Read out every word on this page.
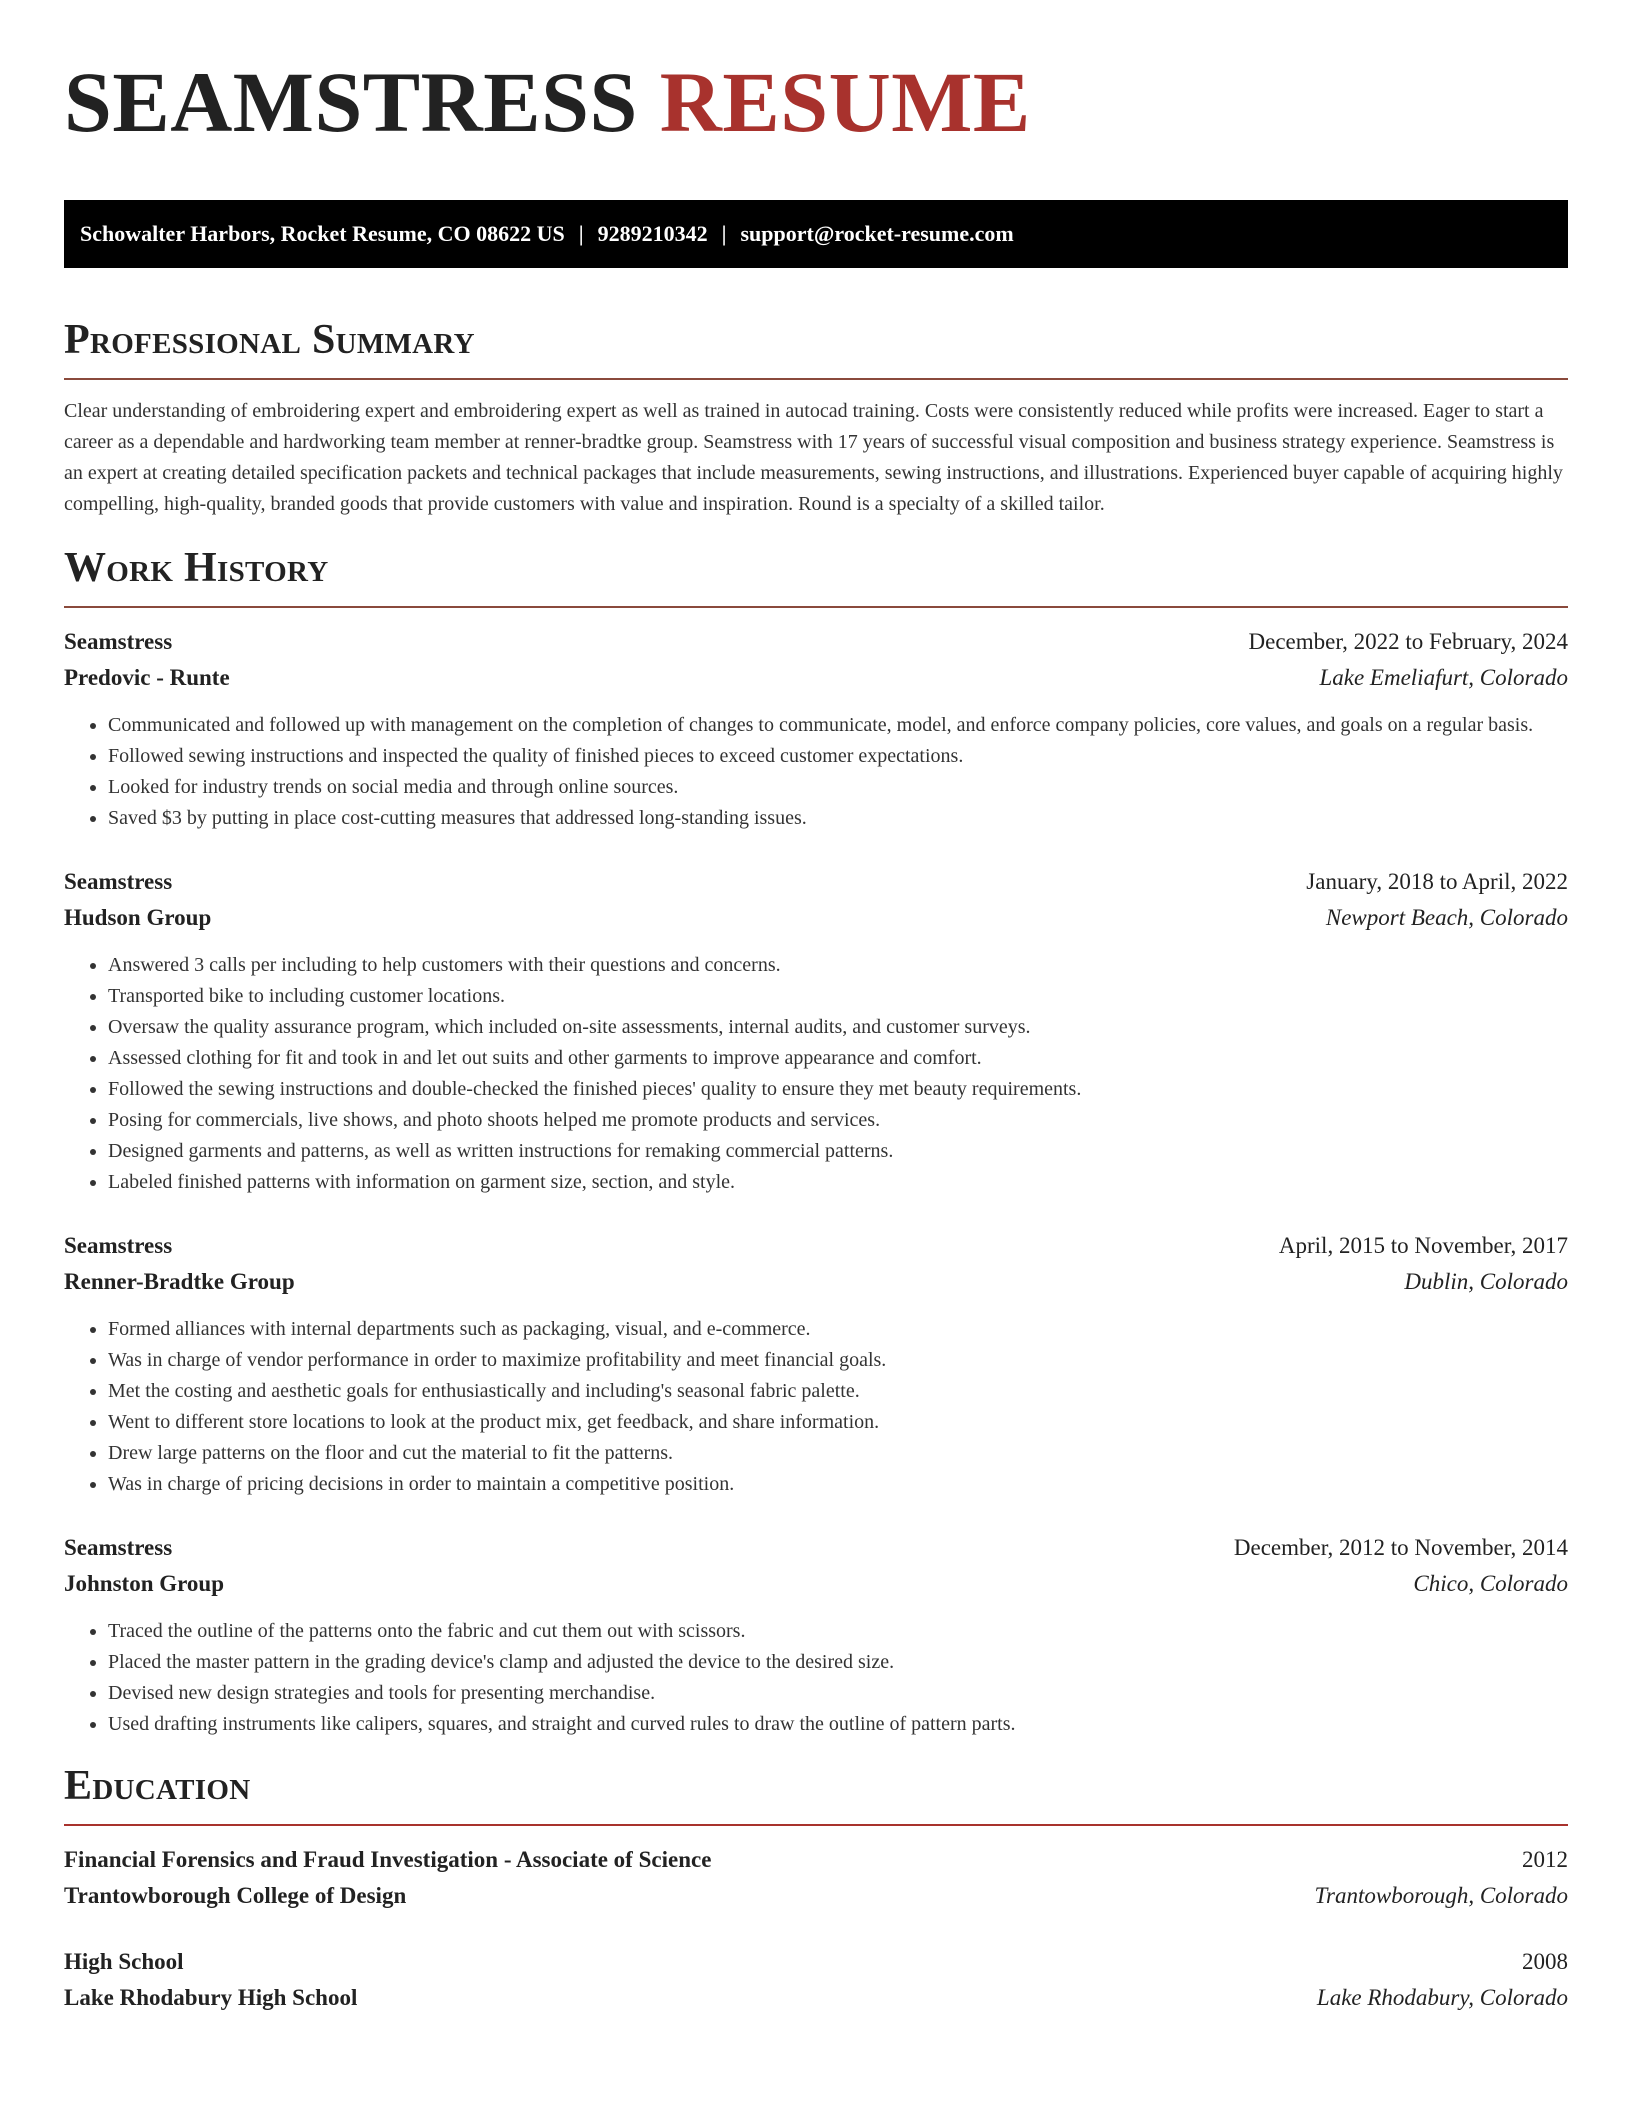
SEAMSTRESS RESUME
Schowalter Harbors, Rocket Resume, CO 08622 US | 9289210342 | support@rocket-resume.com
Professional Summary

Clear understanding of embroidering expert and embroidering expert as well as trained in autocad training. Costs were consistently reduced while profits were increased. Eager to start a career as a dependable and hardworking team member at renner-bradtke group. Seamstress with 17 years of successful visual composition and business strategy experience. Seamstress is an expert at creating detailed specification packets and technical packages that include measurements, sewing instructions, and illustrations. Experienced buyer capable of acquiring highly compelling, high-quality, branded goods that provide customers with value and inspiration. Round is a specialty of a skilled tailor.

Work History
Seamstress	December, 2022 to February, 2024
Predovic - Runte	Lake Emeliafurt, Colorado
• Communicated and followed up with management on the completion of changes to communicate, model, and enforce company policies, core values, and goals on a regular basis.
• Followed sewing instructions and inspected the quality of finished pieces to exceed customer expectations.
• Looked for industry trends on social media and through online sources.
• Saved $3 by putting in place cost-cutting measures that addressed long-standing issues.
Seamstress	January, 2018 to April, 2022
Hudson Group	Newport Beach, Colorado
• Answered 3 calls per including to help customers with their questions and concerns.
• Transported bike to including customer locations.
• Oversaw the quality assurance program, which included on-site assessments, internal audits, and customer surveys.
• Assessed clothing for fit and took in and let out suits and other garments to improve appearance and comfort.
• Followed the sewing instructions and double-checked the finished pieces' quality to ensure they met beauty requirements.
• Posing for commercials, live shows, and photo shoots helped me promote products and services.
• Designed garments and patterns, as well as written instructions for remaking commercial patterns.
• Labeled finished patterns with information on garment size, section, and style.
Seamstress	April, 2015 to November, 2017
Renner-Bradtke Group	Dublin, Colorado
• Formed alliances with internal departments such as packaging, visual, and e-commerce.
• Was in charge of vendor performance in order to maximize profitability and meet financial goals.
• Met the costing and aesthetic goals for enthusiastically and including's seasonal fabric palette.
• Went to different store locations to look at the product mix, get feedback, and share information.
• Drew large patterns on the floor and cut the material to fit the patterns.
• Was in charge of pricing decisions in order to maintain a competitive position.
Seamstress	December, 2012 to November, 2014
Johnston Group	Chico, Colorado
• Traced the outline of the patterns onto the fabric and cut them out with scissors.
• Placed the master pattern in the grading device's clamp and adjusted the device to the desired size.
• Devised new design strategies and tools for presenting merchandise.
• Used drafting instruments like calipers, squares, and straight and curved rules to draw the outline of pattern parts.
Education
Financial Forensics and Fraud Investigation - Associate of Science	2012
Trantowborough College of Design	Trantowborough, Colorado
High School	2008
Lake Rhodabury High School	Lake Rhodabury, Colorado
